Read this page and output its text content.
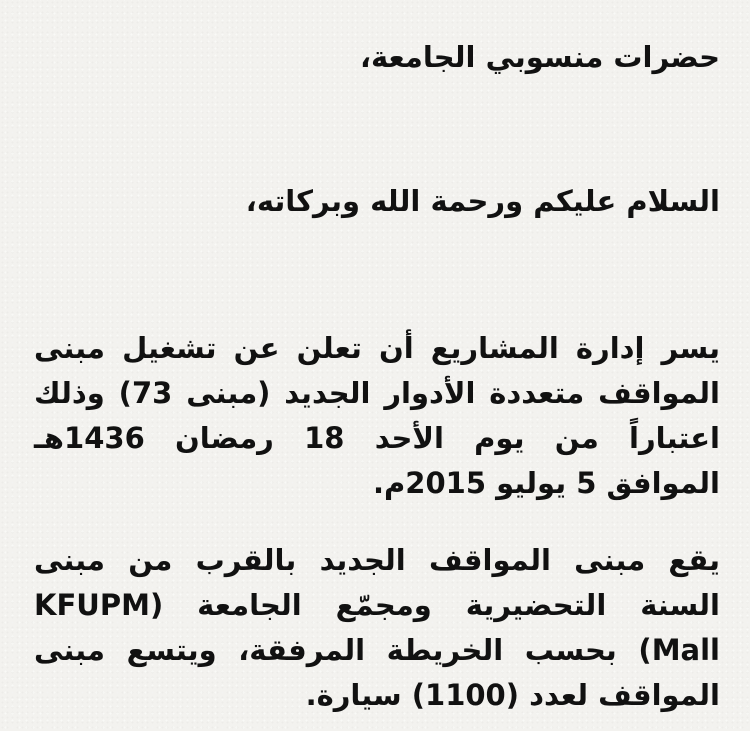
حضرات منسوبي الجامعة،

السلام عليكم ورحمة الله وبركاته،

يسر إدارة المشاريع أن تعلن عن تشغيل مبنى
المواقف متعددة الأدوار الجديد (مبنى 73) وذلك
اعتباراً من يوم الأحد 18 رمضان 1436هـ
الموافق 5 يوليو 2015م.
يقع مبنى المواقف الجديد بالقرب من مبنى
السنة التحضيرية ومجمّع الجامعة (KFUPM
Mall) بحسب الخريطة المرفقة، ويتسع مبنى
المواقف لعدد (1100) سيارة.
